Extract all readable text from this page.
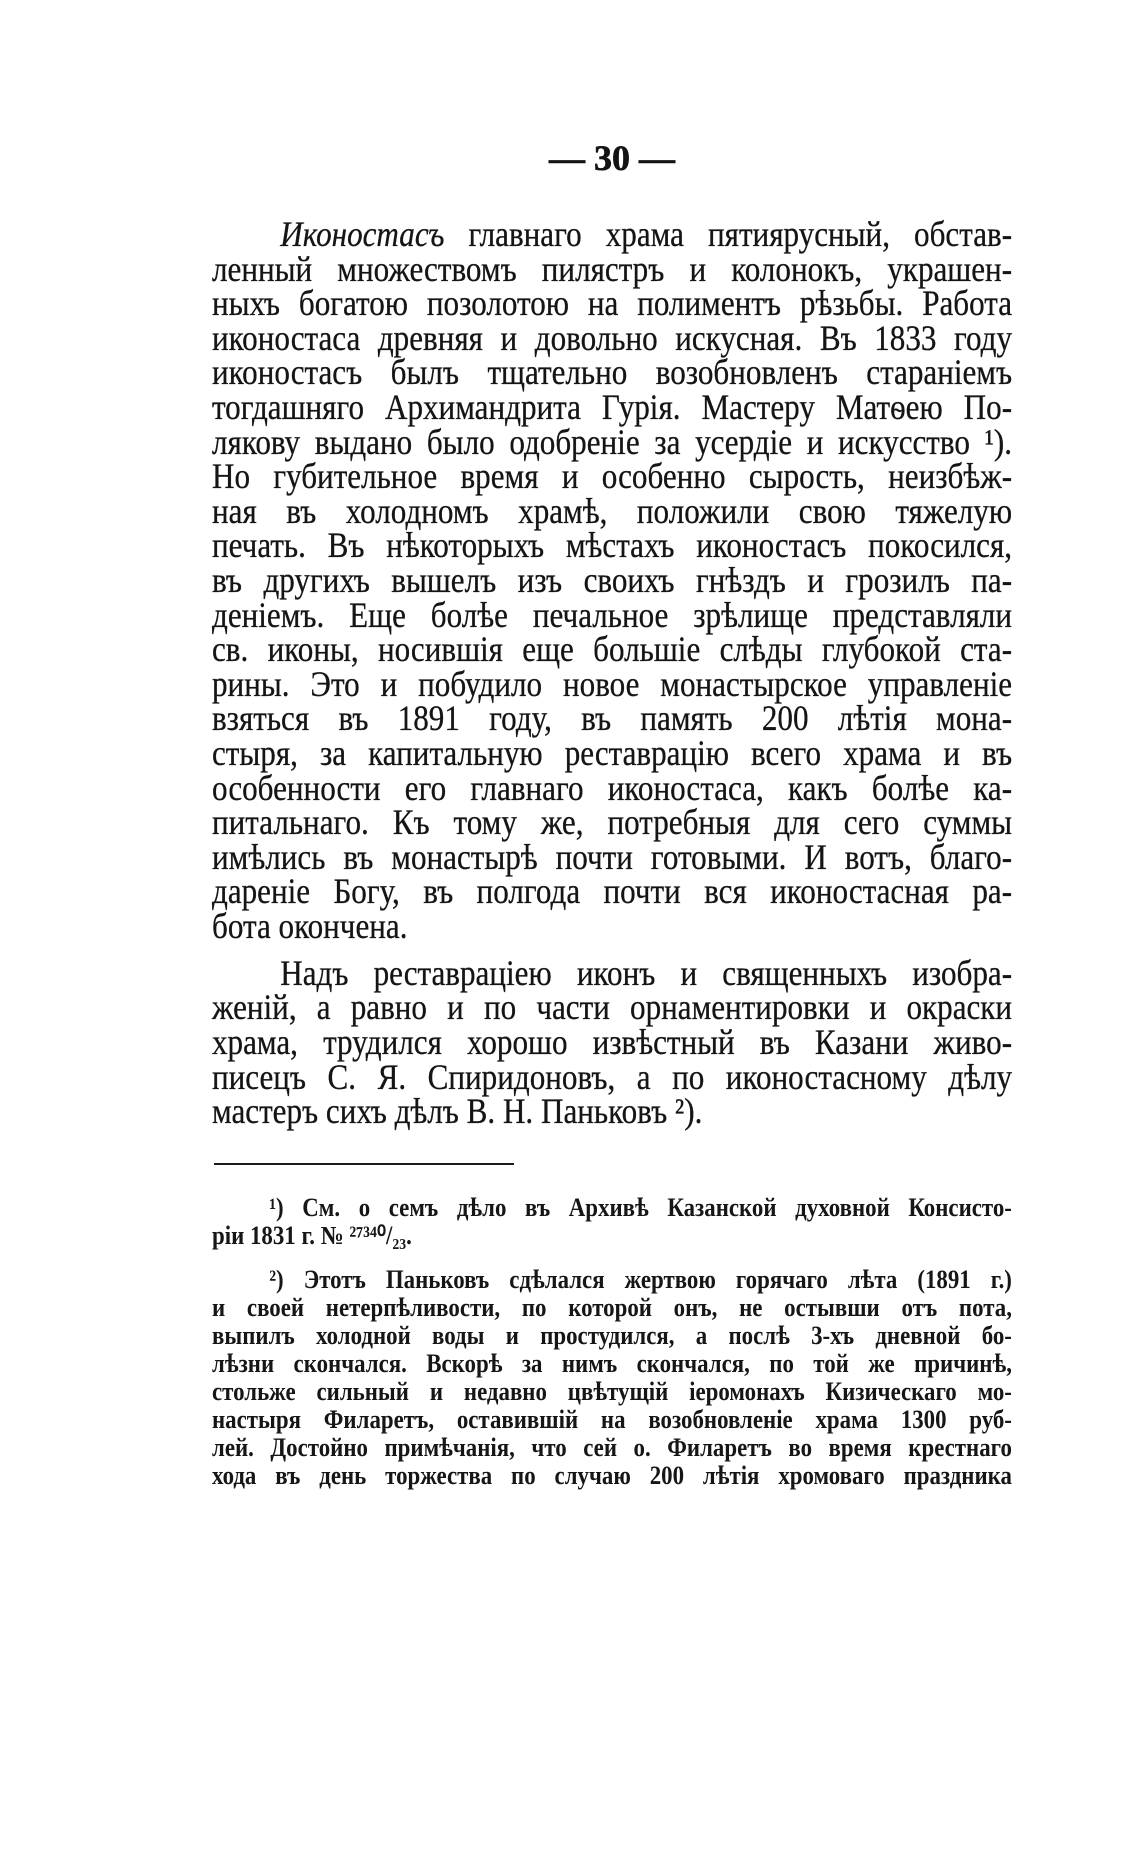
— 30 —
Иконостасъ главнаго храма пятиярусный, обстав-
ленный множествомъ пилястръ и колонокъ, украшен-
ныхъ богатою позолотою на полиментъ рѣзьбы. Работа
иконостаса древняя и довольно искусная. Въ 1833 году
иконостасъ былъ тщательно возобновленъ стараніемъ
тогдашняго Архимандрита Гурія. Мастеру Матѳею По-
лякову выдано было одобреніе за усердіе и искусство ¹).
Но губительное время и особенно сырость, неизбѣж-
ная въ холодномъ храмѣ, положили свою тяжелую
печать. Въ нѣкоторыхъ мѣстахъ иконостасъ покосился,
въ другихъ вышелъ изъ своихъ гнѣздъ и грозилъ па-
деніемъ. Еще болѣе печальное зрѣлище представляли
св. иконы, носившія еще большіе слѣды глубокой ста-
рины. Это и побудило новое монастырское управленіе
взяться въ 1891 году, въ память 200 лѣтія мона-
стыря, за капитальную реставрацію всего храма и въ
особенности его главнаго иконостаса, какъ болѣе ка-
питальнаго. Къ тому же, потребныя для сего суммы
имѣлись въ монастырѣ почти готовыми. И вотъ, благо-
дареніе Богу, въ полгода почти вся иконостасная ра-
бота окончена.
Надъ реставраціею иконъ и священныхъ изобра-
женій, а равно и по части орнаментировки и окраски
храма, трудился хорошо извѣстный въ Казани живо-
писецъ С. Я. Спиридоновъ, а по иконостасному дѣлу
мастеръ сихъ дѣлъ В. Н. Паньковъ ²).
¹) См. о семъ дѣло въ Архивѣ Казанской духовной Консисто-
ріи 1831 г. № ²⁷³⁴⁰/₂₃.
²) Этотъ Паньковъ сдѣлался жертвою горячаго лѣта (1891 г.)
и своей нетерпѣливости, по которой онъ, не остывши отъ пота,
выпилъ холодной воды и простудился, а послѣ 3-хъ дневной бо-
лѣзни скончался. Вскорѣ за нимъ скончался, по той же причинѣ,
стольже сильный и недавно цвѣтущій іеромонахъ Кизическаго мо-
настыря Филаретъ, оставившій на возобновленіе храма 1300 руб-
лей. Достойно примѣчанія, что сей о. Филаретъ во время крестнаго
хода въ день торжества по случаю 200 лѣтія хромоваго праздника
